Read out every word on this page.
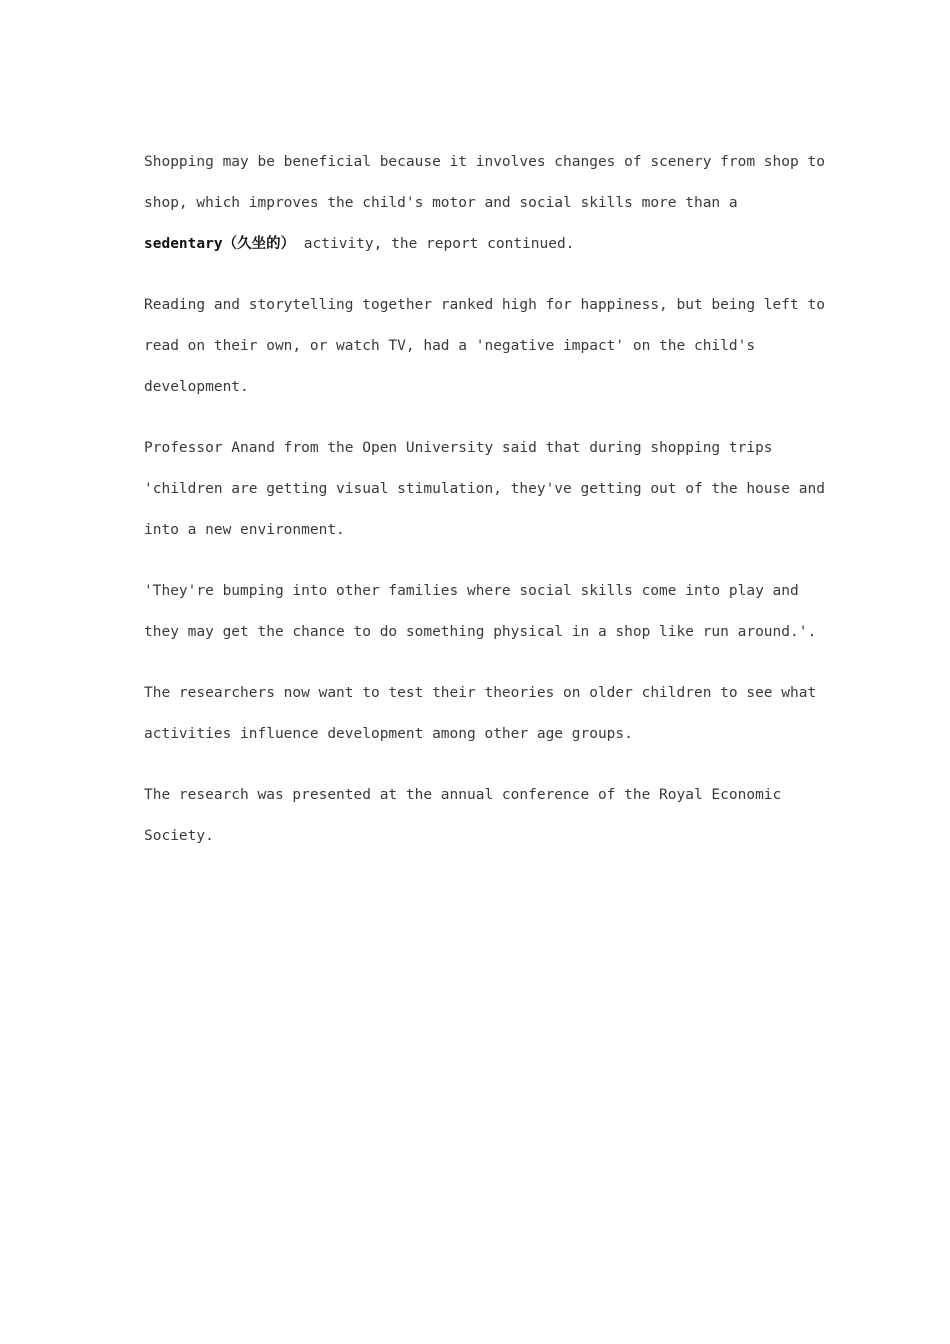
Shopping may be beneficial because it involves changes of scenery from shop to
shop, which improves the child's motor and social skills more than a
sedentary（久坐的） activity, the report continued.

Reading and storytelling together ranked high for happiness, but being left to
read on their own, or watch TV, had a 'negative impact' on the child's
development.

Professor Anand from the Open University said that during shopping trips
'children are getting visual stimulation, they've getting out of the house and
into a new environment.

'They're bumping into other families where social skills come into play and
they may get the chance to do something physical in a shop like run around.'.

The researchers now want to test their theories on older children to see what
activities influence development among other age groups.

The research was presented at the annual conference of the Royal Economic
Society.
